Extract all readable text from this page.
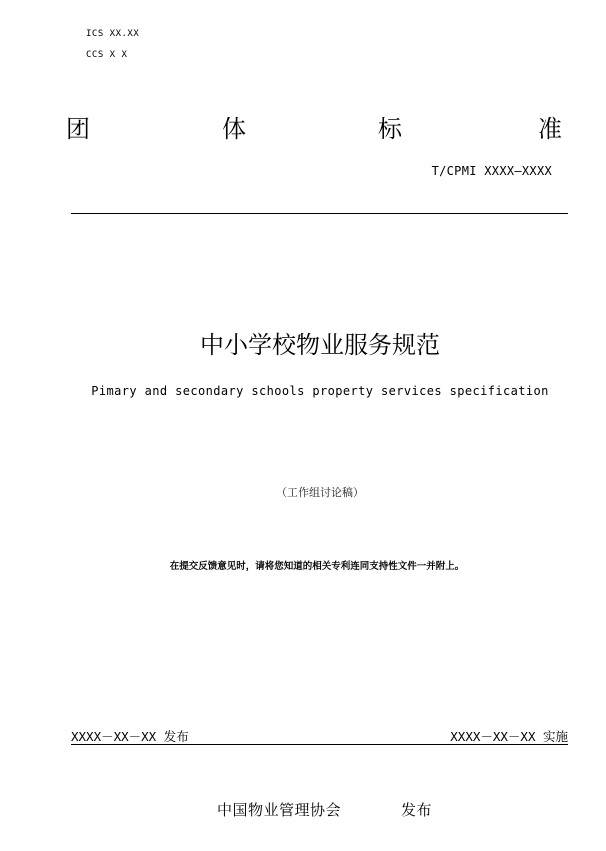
ICS XX.XX
CCS X X
团	体	标	准
T/CPMI XXXX—XXXX
中小学校物业服务规范
Pimary and secondary schools property services specification
（工作组讨论稿）
在提交反馈意见时，请将您知道的相关专利连同支持性文件一并附上。
XXXX－XX－XX 发布	XXXX－XX－XX 实施
中国物业管理协会	发布
